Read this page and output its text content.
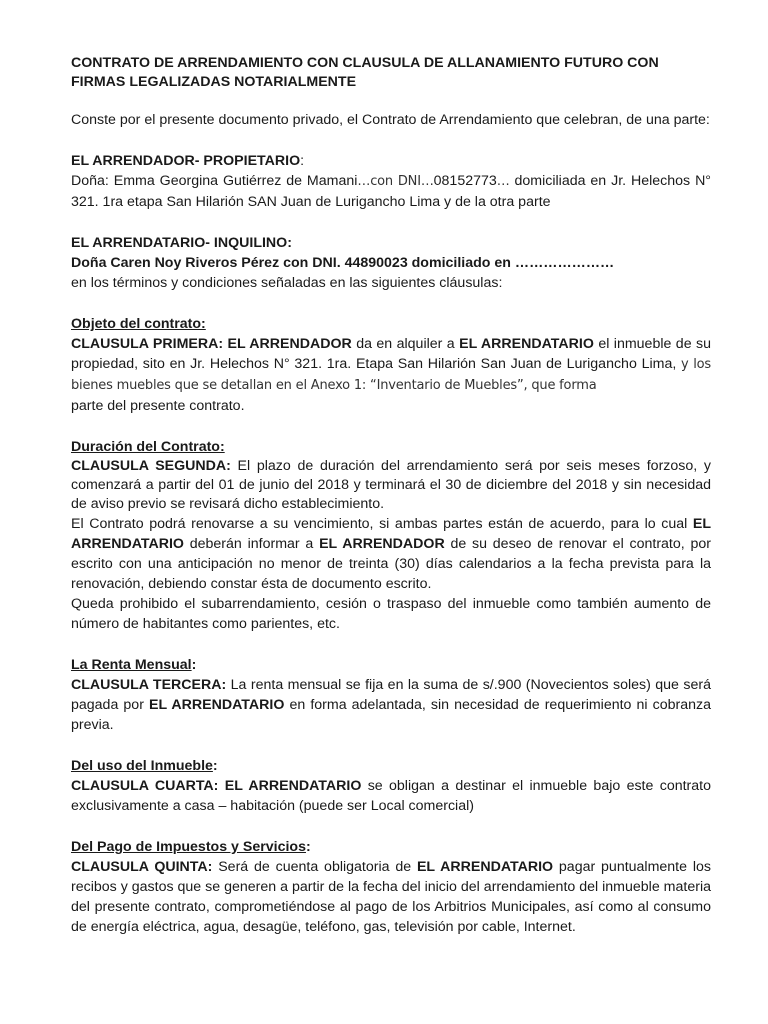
CONTRATO DE ARRENDAMIENTO CON CLAUSULA DE ALLANAMIENTO FUTURO CON FIRMAS LEGALIZADAS NOTARIALMENTE

Conste por el presente documento privado, el Contrato de Arrendamiento que celebran, de una parte:

EL ARRENDADOR- PROPIETARIO:

Doña: Emma Georgina Gutiérrez de Mamani…con DNI…08152773… domiciliada en Jr. Helechos N° 321. 1ra etapa San Hilarión SAN Juan de Lurigancho Lima y de la otra parte

EL ARRENDATARIO- INQUILINO:

Doña Caren Noy Riveros Pérez con DNI. 44890023 domiciliado en …………………

en los términos y condiciones señaladas en las siguientes cláusulas:

Objeto del contrato:

CLAUSULA PRIMERA: EL ARRENDADOR da en alquiler a EL ARRENDATARIO el inmueble de su propiedad, sito en Jr. Helechos N° 321. 1ra. Etapa San Hilarión San Juan de Lurigancho Lima, y los bienes muebles que se detallan en el Anexo 1: “Inventario de Muebles”, que forma

parte del presente contrato.

Duración del Contrato:

CLAUSULA SEGUNDA: El plazo de duración del arrendamiento será por seis meses forzoso, y comenzará a partir del 01 de junio del 2018 y terminará el 30 de diciembre del 2018 y sin necesidad de aviso previo se revisará dicho establecimiento.

El Contrato podrá renovarse a su vencimiento, si ambas partes están de acuerdo, para lo cual EL ARRENDATARIO deberán informar a EL ARRENDADOR de su deseo de renovar el contrato, por escrito con una anticipación no menor de treinta (30) días calendarios a la fecha prevista para la renovación, debiendo constar ésta de documento escrito.

Queda prohibido el subarrendamiento, cesión o traspaso del inmueble como también aumento de número de habitantes como parientes, etc.

La Renta Mensual:

CLAUSULA TERCERA: La renta mensual se fija en la suma de s/.900 (Novecientos soles) que será pagada por EL ARRENDATARIO en forma adelantada, sin necesidad de requerimiento ni cobranza previa.

Del uso del Inmueble:

CLAUSULA CUARTA: EL ARRENDATARIO se obligan a destinar el inmueble bajo este contrato exclusivamente a casa – habitación (puede ser Local comercial)

Del Pago de Impuestos y Servicios:

CLAUSULA QUINTA: Será de cuenta obligatoria de EL ARRENDATARIO pagar puntualmente los recibos y gastos que se generen a partir de la fecha del inicio del arrendamiento del inmueble materia del presente contrato, comprometiéndose al pago de los Arbitrios Municipales, así como al consumo de energía eléctrica, agua, desagüe, teléfono, gas, televisión por cable, Internet.
